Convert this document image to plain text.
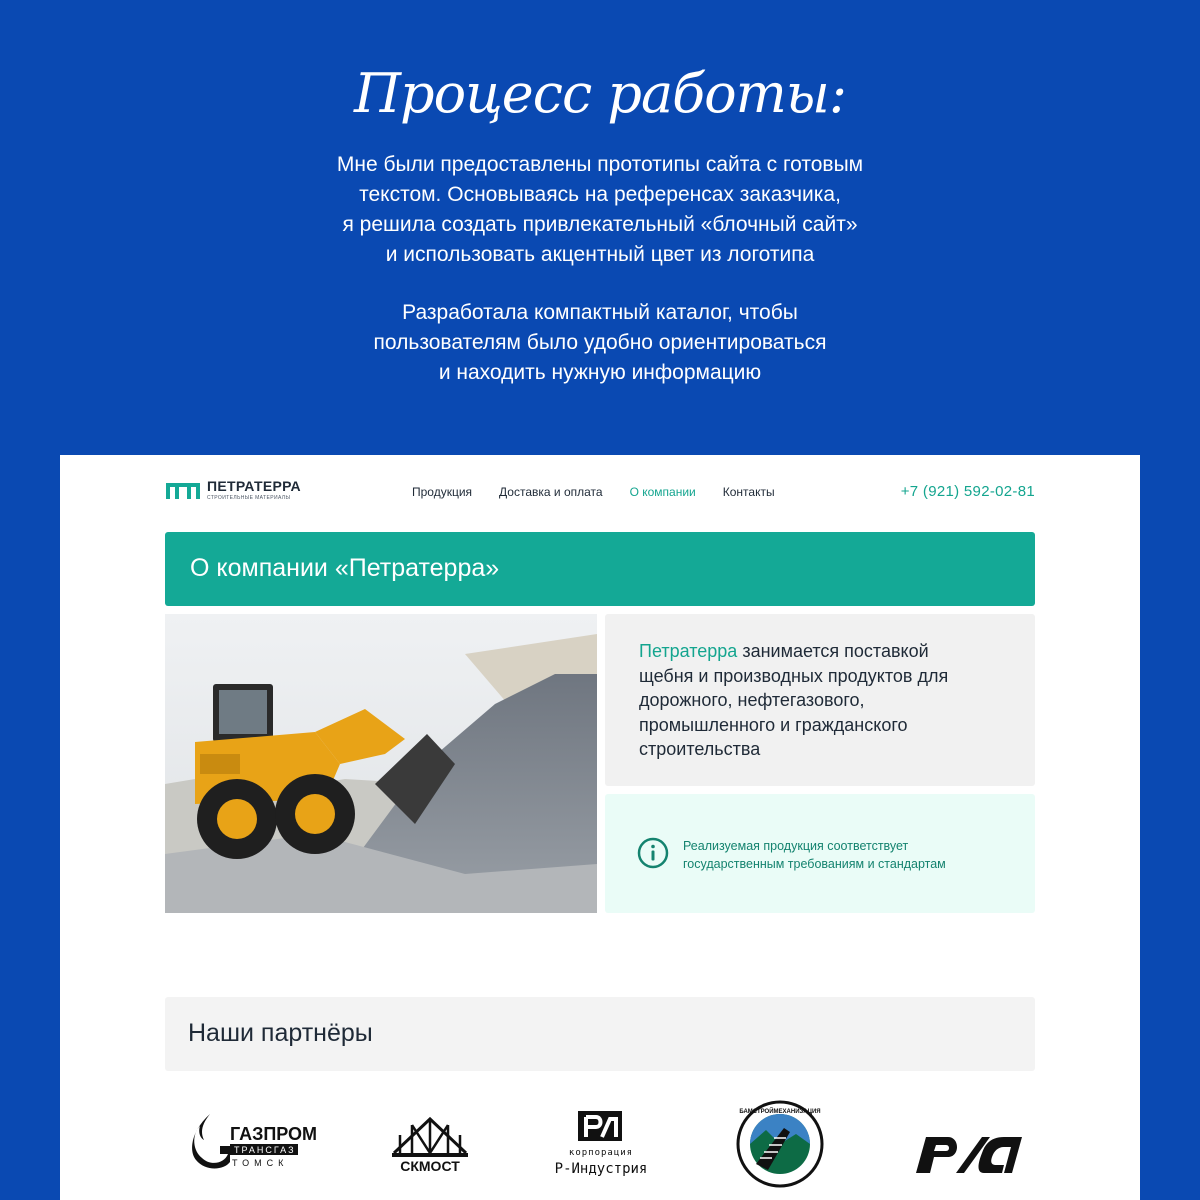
Процесс работы:
Мне были предоставлены прототипы сайта с готовым
текстом. Основываясь на референсах заказчика,
я решила создать привлекательный «блочный сайт»
и использовать акцентный цвет из логотипа
Разработала компактный каталог, чтобы
пользователям было удобно ориентироваться
и находить нужную информацию
ПЕТРАТЕРРА
СТРОИТЕЛЬНЫЕ МАТЕРИАЛЫ	Продукция Доставка и оплата О компании Контакты	+7 (921) 592-02-81
О компании «Петратерра»

Петратерра занимается поставкой щебня и производных продуктов для дорожного, нефтегазового, промышленного и гражданского строительства

Реализуемая продукция соответствует государственным требованиям и стандартам

Наши партнёры
ГАЗПРОМ
ТРАНСГАЗ
ТОМСК	СКМОСТ
корпорация
Р-Индустрия
БАМСТРОЙМЕХАНИЗАЦИЯ
РЖД
